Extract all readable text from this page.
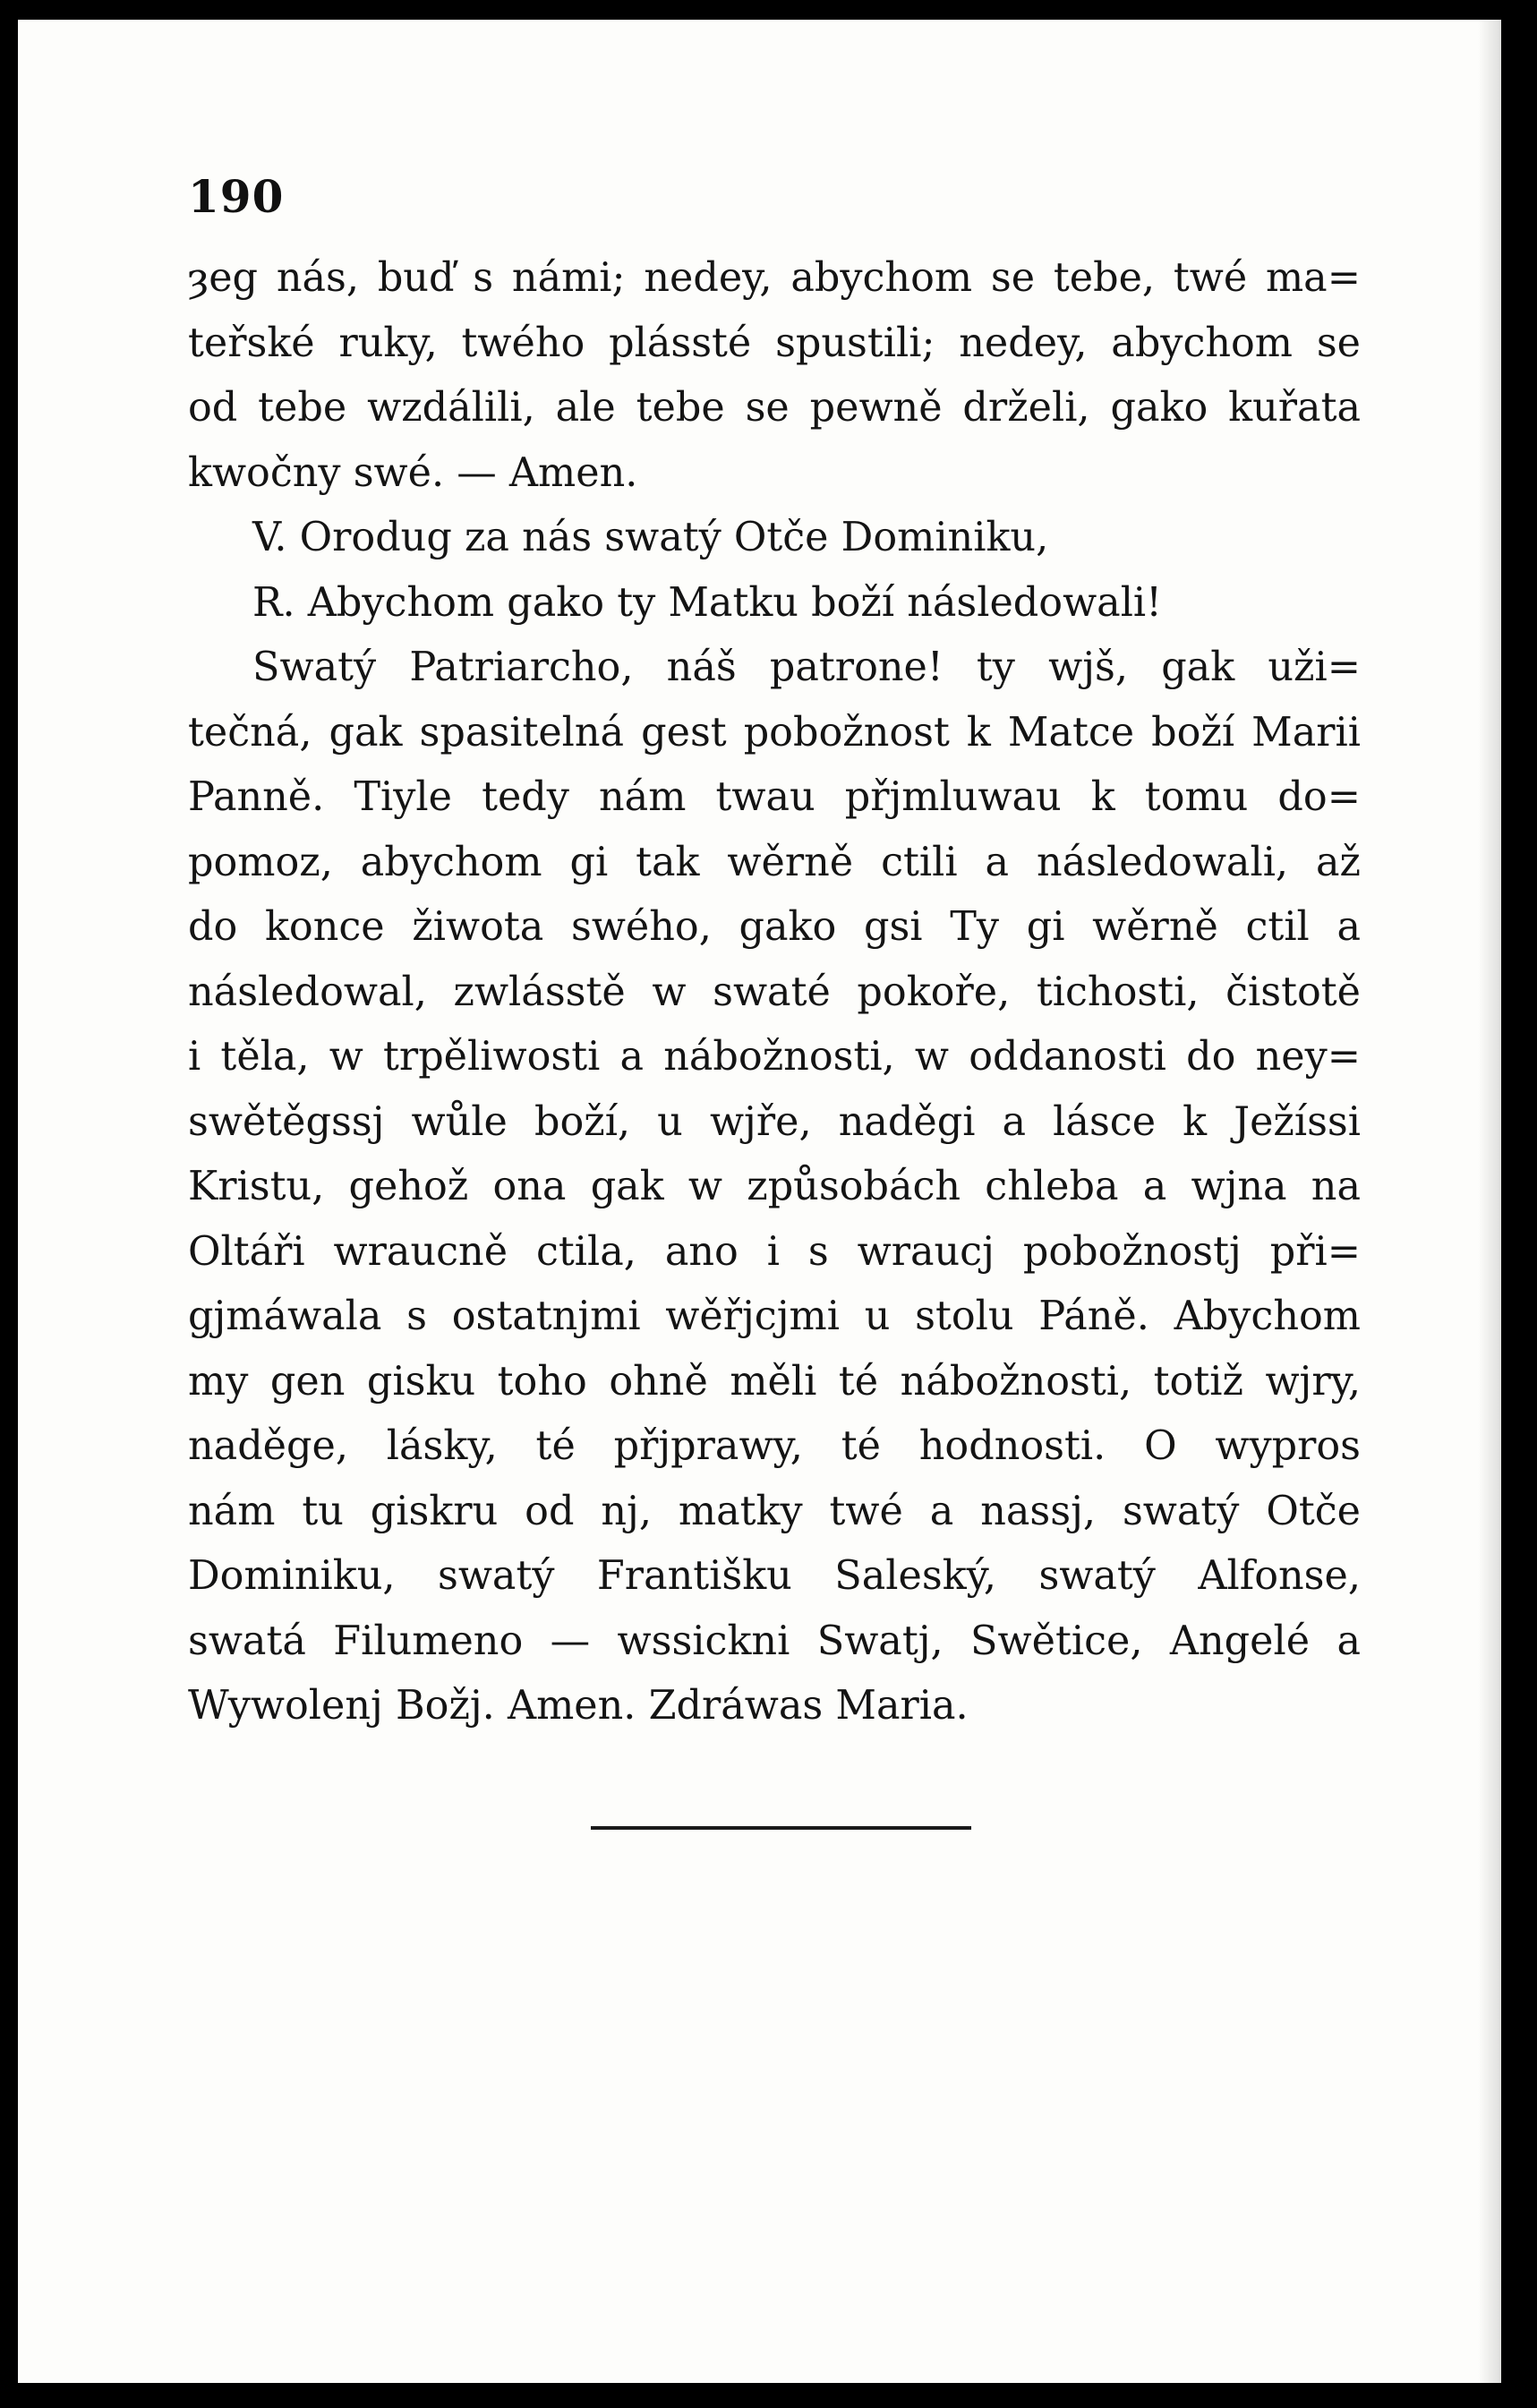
190
ȝeg nás, buď s námi; nedey, abychom se tebe, twé ma=
teřské ruky, twého plássté spustili; nedey, abychom se
od tebe wzdálili, ale tebe se pewně drželi, gako kuřata
kwočny swé. — Amen.
V. Orodug za nás swatý Otče Dominiku,
R. Abychom gako ty Matku boží následowali!
Swatý Patriarcho, náš patrone! ty wjš, gak uži=
tečná, gak spasitelná gest pobožnost k Matce boží Marii
Panně. Tiyle tedy nám twau přjmluwau k tomu do=
pomoz, abychom gi tak wěrně ctili a následowali, až
do konce žiwota swého, gako gsi Ty gi wěrně ctil a
následowal, zwlásstě w swaté pokoře, tichosti, čistotě
i těla, w trpěliwosti a nábožnosti, w oddanosti do ney=
swětěgssj wůle boží, u wjře, naděgi a lásce k Ježíssi
Kristu, gehož ona gak w způsobách chleba a wjna na
Oltáři wraucně ctila, ano i s wraucj pobožnostj při=
gjmáwala s ostatnjmi wěřjcjmi u stolu Páně. Abychom
my gen gisku toho ohně měli té nábožnosti, totiž wjry,
naděge, lásky, té přjprawy, té hodnosti. O wypros
nám tu giskru od nj, matky twé a nassj, swatý Otče
Dominiku, swatý Františku Saleský, swatý Alfonse,
swatá Filumeno — wssickni Swatj, Swětice, Angelé a
Wywolenj Božj. Amen. Zdráwas Maria.
